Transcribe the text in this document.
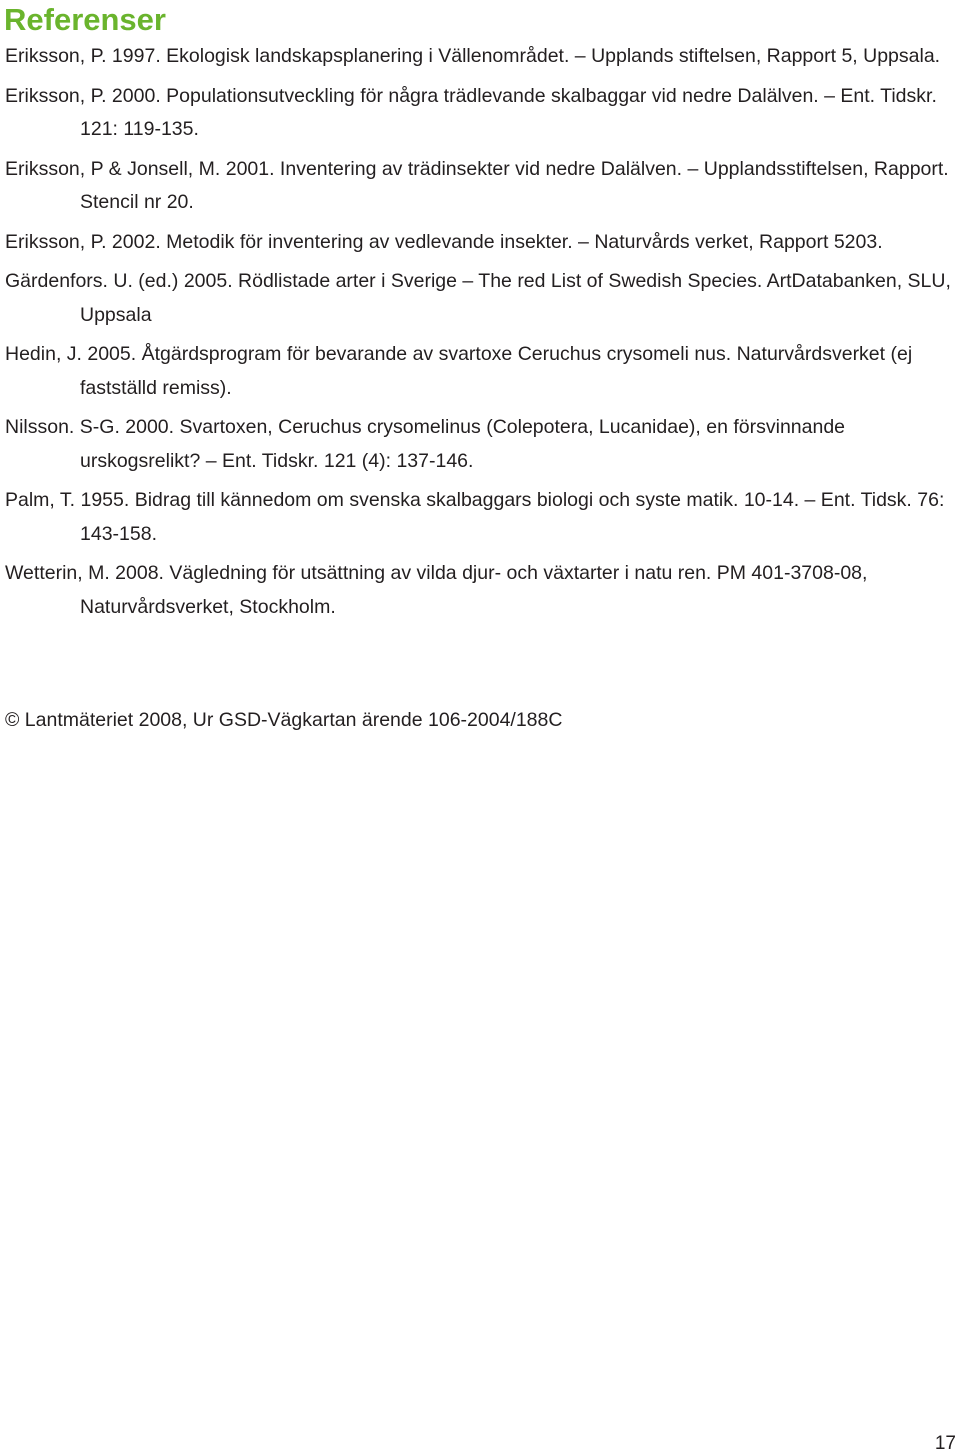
Referenser
Eriksson, P. 1997. Ekologisk landskapsplanering i Vällenområdet. – Upplands stiftelsen, Rapport 5, Uppsala.
Eriksson, P. 2000. Populationsutveckling för några trädlevande skalbaggar vid nedre Dalälven. – Ent. Tidskr. 121: 119-135.
Eriksson, P & Jonsell, M. 2001. Inventering av trädinsekter vid nedre Dalälven. – Upplandsstiftelsen, Rapport. Stencil nr 20.
Eriksson, P. 2002. Metodik för inventering av vedlevande insekter. – Naturvårds verket, Rapport 5203.
Gärdenfors. U. (ed.) 2005. Rödlistade arter i Sverige – The red List of Swedish Species. ArtDatabanken, SLU, Uppsala
Hedin, J. 2005. Åtgärdsprogram för bevarande av svartoxe Ceruchus crysomeli nus. Naturvårdsverket (ej fastställd remiss).
Nilsson. S-G. 2000. Svartoxen, Ceruchus crysomelinus (Colepotera, Lucanidae), en försvinnande urskogsrelikt? – Ent. Tidskr. 121 (4): 137-146.
Palm, T. 1955. Bidrag till kännedom om svenska skalbaggars biologi och syste matik. 10-14. – Ent. Tidsk. 76: 143-158.
Wetterin, M. 2008. Vägledning för utsättning av vilda djur- och växtarter i natu ren. PM 401-3708-08, Naturvårdsverket, Stockholm.

© Lantmäteriet 2008, Ur GSD-Vägkartan ärende 106-2004/188C

17
